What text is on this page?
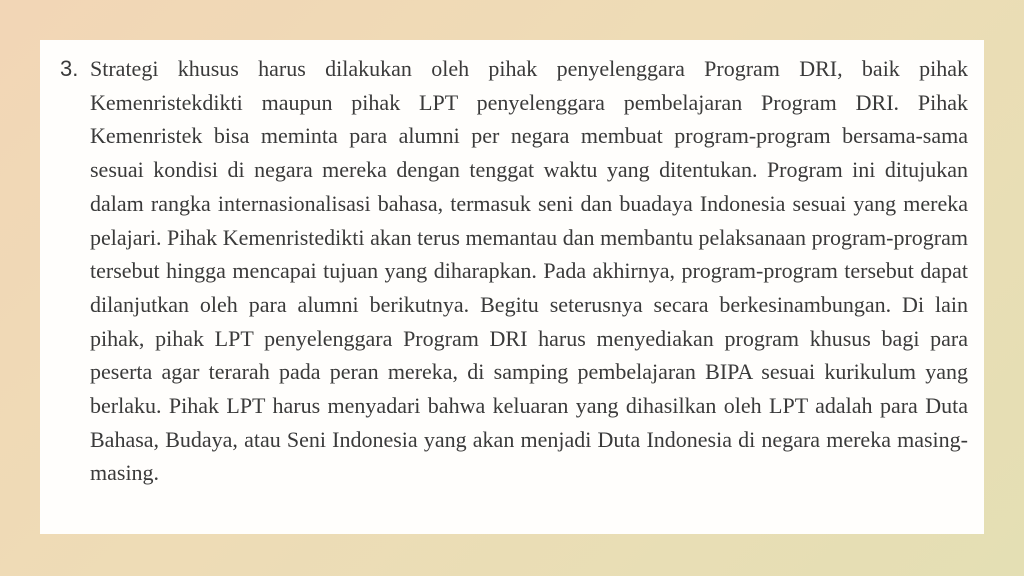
3. Strategi khusus harus dilakukan oleh pihak penyelenggara Program DRI, baik pihak Kemenristekdikti maupun pihak LPT penyelenggara pembelajaran Program DRI. Pihak Kemenristek bisa meminta para alumni per negara membuat program-program bersama-sama sesuai kondisi di negara mereka dengan tenggat waktu yang ditentukan. Program ini ditujukan dalam rangka internasionalisasi bahasa, termasuk seni dan buadaya Indonesia sesuai yang mereka pelajari. Pihak Kemenristedikti akan terus memantau dan membantu pelaksanaan program-program tersebut hingga mencapai tujuan yang diharapkan. Pada akhirnya, program-program tersebut dapat dilanjutkan oleh para alumni berikutnya. Begitu seterusnya secara berkesinambungan. Di lain pihak, pihak LPT penyelenggara Program DRI harus menyediakan program khusus bagi para peserta agar terarah pada peran mereka, di samping pembelajaran BIPA sesuai kurikulum yang berlaku. Pihak LPT harus menyadari bahwa keluaran yang dihasilkan oleh LPT adalah para Duta Bahasa, Budaya, atau Seni Indonesia yang akan menjadi Duta Indonesia di negara mereka masing-masing.
